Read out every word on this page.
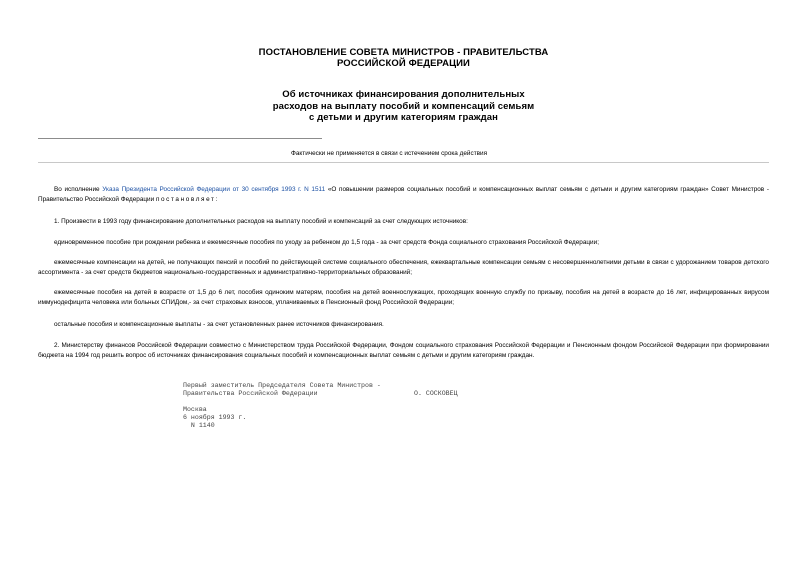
ПОСТАНОВЛЕНИЕ СОВЕТА МИНИСТРОВ - ПРАВИТЕЛЬСТВА
РОССИЙСКОЙ ФЕДЕРАЦИИ
Об источниках финансирования дополнительных
расходов на выплату пособий и компенсаций семьям
с детьми и другим категориям граждан
Фактически не применяется в связи с истечением срока действия
Во исполнение Указа Президента Российской Федерации от 30 сентября 1993 г. N 1511 «О повышении размеров социальных пособий и компенсационных выплат семьям с детьми и другим категориям граждан» Совет Министров - Правительство Российской Федерации постановляет:
1. Произвести в 1993 году финансирование дополнительных расходов на выплату пособий и компенсаций за счет следующих источников:
единовременное пособие при рождении ребенка и ежемесячные пособия по уходу за ребенком до 1,5 года - за счет средств Фонда социального страхования Российской Федерации;
ежемесячные компенсации на детей, не получающих пенсий и пособий по действующей системе социального обеспечения, ежеквартальные компенсации семьям с несовершеннолетними детьми в связи с удорожанием товаров детского ассортимента - за счет средств бюджетов национально-государственных и административно-территориальных образований;
ежемесячные пособия на детей в возрасте от 1,5 до 6 лет, пособия одиноким матерям, пособия на детей военнослужащих, проходящих военную службу по призыву, пособия на детей в возрасте до 16 лет, инфицированных вирусом иммунодефицита человека или больных СПИДом,- за счет страховых взносов, уплачиваемых в Пенсионный фонд Российской Федерации;
остальные пособия и компенсационные выплаты - за счет установленных ранее источников финансирования.
2. Министерству финансов Российской Федерации совместно с Министерством труда Российской Федерации, Фондом социального страхования Российской Федерации и Пенсионным фондом Российской Федерации при формировании бюджета на 1994 год решить вопрос об источниках финансирования социальных пособий и компенсационных выплат семьям с детьми и другим категориям граждан.
Первый заместитель Председателя Совета Министров -
Правительства Российской Федерации	О. СОСКОВЕЦ
Москва
6 ноября 1993 г.
N 1140
